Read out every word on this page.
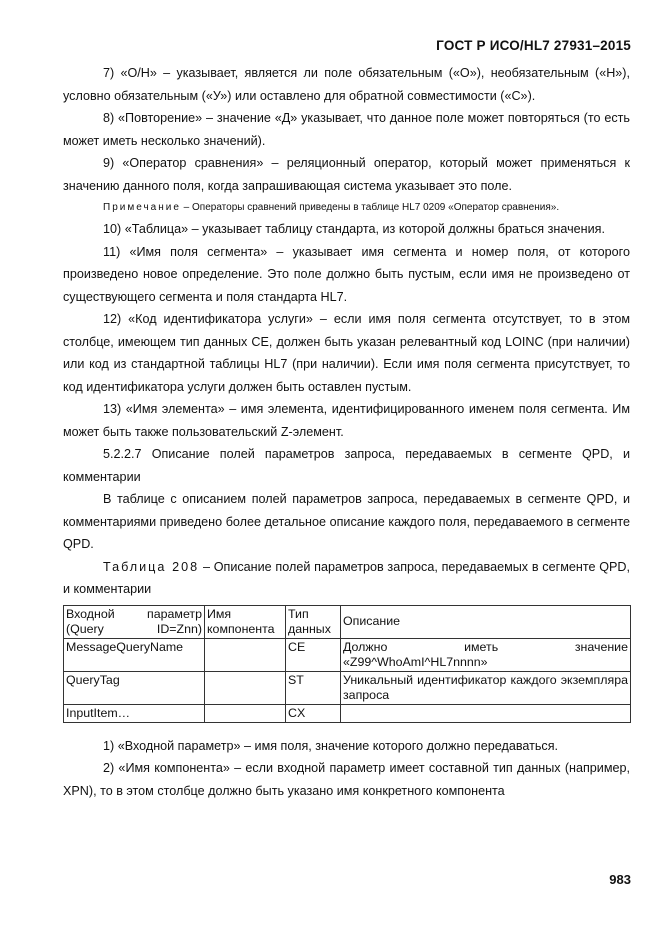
ГОСТ Р ИСО/HL7 27931–2015

7) «О/Н» – указывает, является ли поле обязательным («О»), необязательным («Н»), условно обязательным («У») или оставлено для обратной совместимости («С»).

8) «Повторение» – значение «Д» указывает, что данное поле может повторяться (то есть может иметь несколько значений).

9) «Оператор сравнения» – реляционный оператор, который может применяться к значению данного поля, когда запрашивающая система указывает это поле.

Примечание – Операторы сравнений приведены в таблице HL7 0209 «Оператор сравнения».

10) «Таблица» – указывает таблицу стандарта, из которой должны браться значения.

11) «Имя поля сегмента» – указывает имя сегмента и номер поля, от которого произведено новое определение. Это поле должно быть пустым, если имя не произведено от существующего сегмента и поля стандарта HL7.

12) «Код идентификатора услуги» – если имя поля сегмента отсутствует, то в этом столбце, имеющем тип данных CE, должен быть указан релевантный код LOINC (при наличии) или код из стандартной таблицы HL7 (при наличии). Если имя поля сегмента присутствует, то код идентификатора услуги должен быть оставлен пустым.

13) «Имя элемента» – имя элемента, идентифицированного именем поля сегмента. Им может быть также пользовательский Z-элемент.

5.2.2.7 Описание полей параметров запроса, передаваемых в сегменте QPD, и комментарии

В таблице с описанием полей параметров запроса, передаваемых в сегменте QPD, и комментариями приведено более детальное описание каждого поля, передаваемого в сегменте QPD.

Таблица 208 – Описание полей параметров запроса, передаваемых в сегменте QPD, и комментарии

Входной параметр (Query ID=Znn)	Имя компонента	Тип данных	Описание
MessageQueryName		CE	Должно иметь значение «Z99^WhoAmI^HL7nnnn»
QueryTag		ST	Уникальный идентификатор каждого экземпляра запроса
InputItem…		CX	

1) «Входной параметр» – имя поля, значение которого должно передаваться.

2) «Имя компонента» – если входной параметр имеет составной тип данных (например, XPN), то в этом столбце должно быть указано имя конкретного компонента

983
